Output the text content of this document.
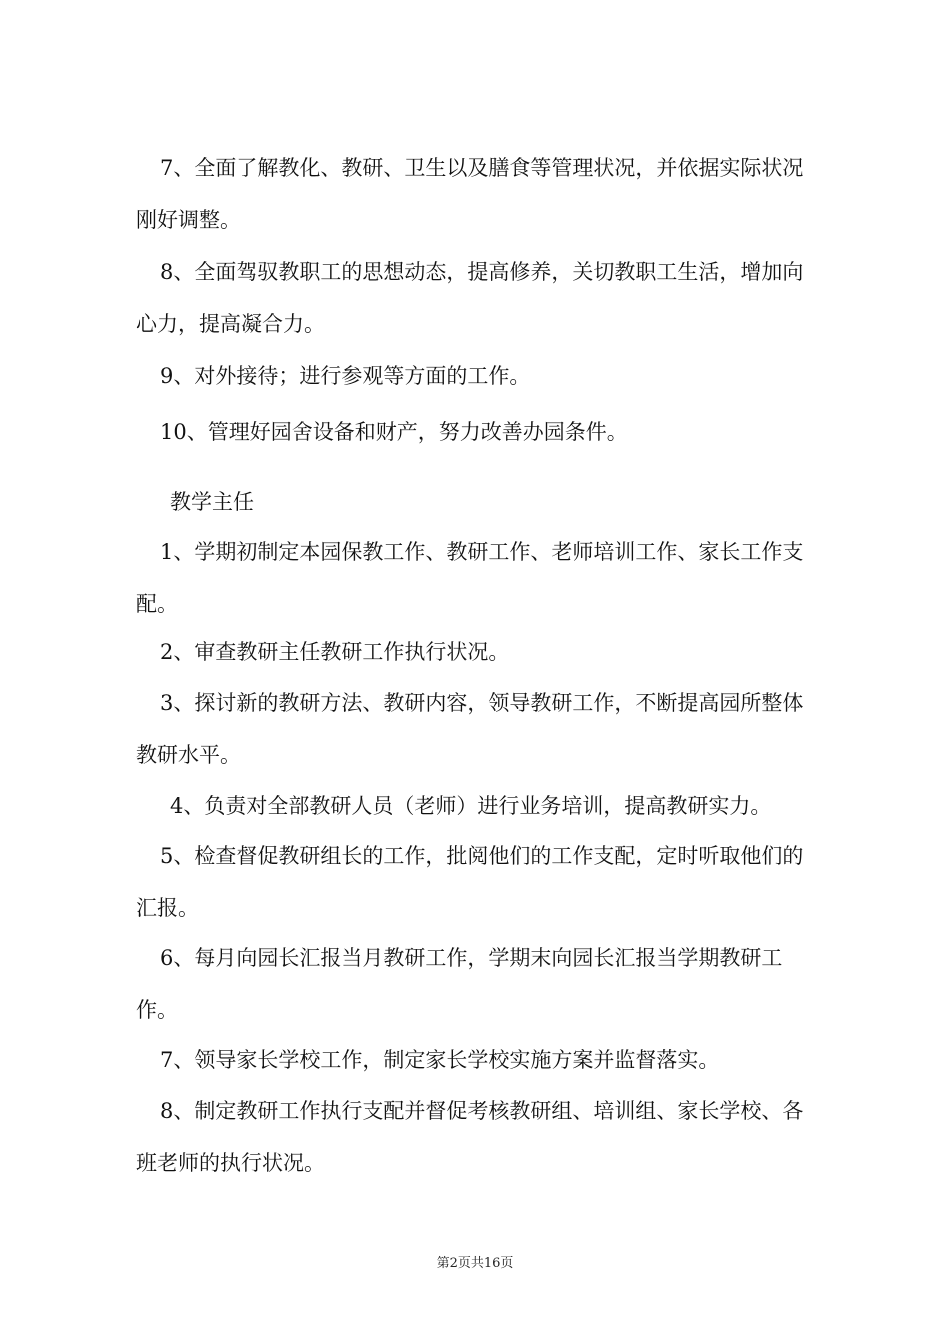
7、全面了解教化、教研、卫生以及膳食等管理状况，并依据实际状况刚好调整。

8、全面驾驭教职工的思想动态，提高修养，关切教职工生活，增加向心力，提高凝合力。

9、对外接待；进行参观等方面的工作。

10、管理好园舍设备和财产，努力改善办园条件。

教学主任

1、学期初制定本园保教工作、教研工作、老师培训工作、家长工作支配。

2、审查教研主任教研工作执行状况。

3、探讨新的教研方法、教研内容，领导教研工作，不断提高园所整体教研水平。

4、负责对全部教研人员（老师）进行业务培训，提高教研实力。

5、检查督促教研组长的工作，批阅他们的工作支配，定时听取他们的汇报。

6、每月向园长汇报当月教研工作，学期末向园长汇报当学期教研工作。

7、领导家长学校工作，制定家长学校实施方案并监督落实。

8、制定教研工作执行支配并督促考核教研组、培训组、家长学校、各班老师的执行状况。

第2页共16页
